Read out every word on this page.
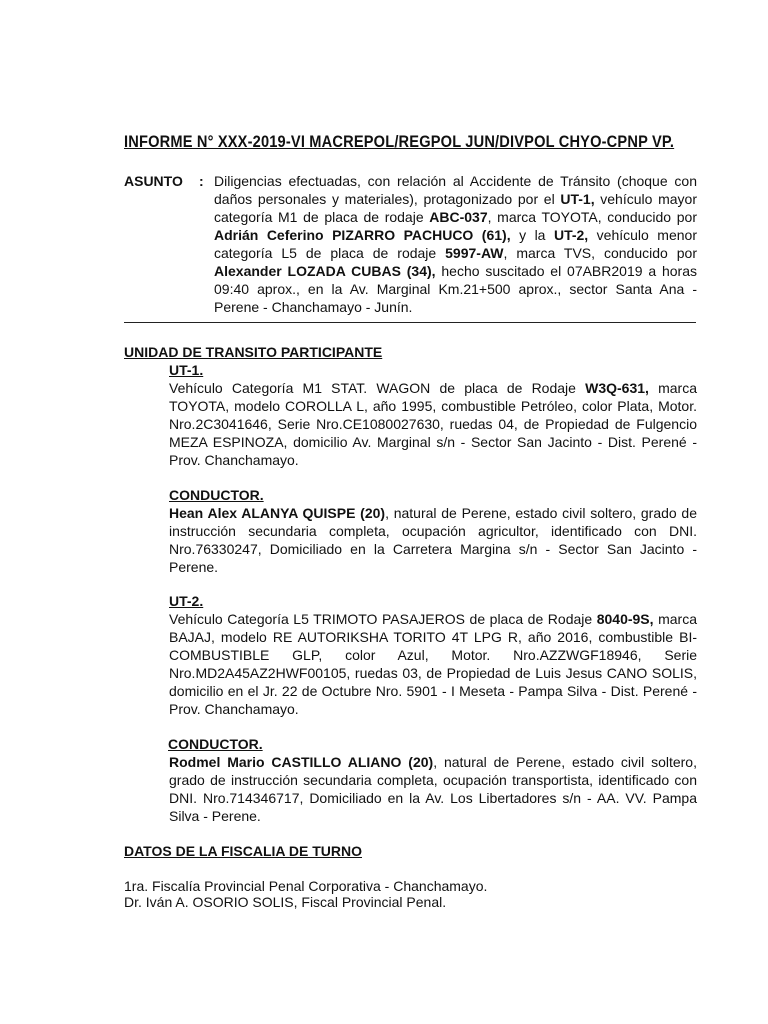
INFORME N° XXX-2019-VI MACREPOL/REGPOL JUN/DIVPOL CHYO-CPNP VP.
ASUNTO : Diligencias efectuadas, con relación al Accidente de Tránsito (choque con daños personales y materiales), protagonizado por el UT-1, vehículo mayor categoría M1 de placa de rodaje ABC-037, marca TOYOTA, conducido por Adrián Ceferino PIZARRO PACHUCO (61), y la UT-2, vehículo menor categoría L5 de placa de rodaje 5997-AW, marca TVS, conducido por Alexander LOZADA CUBAS (34), hecho suscitado el 07ABR2019 a horas 09:40 aprox., en la Av. Marginal Km.21+500 aprox., sector Santa Ana - Perene - Chanchamayo - Junín.
UNIDAD DE TRANSITO PARTICIPANTE
UT-1.
Vehículo Categoría M1 STAT. WAGON de placa de Rodaje W3Q-631, marca TOYOTA, modelo COROLLA L, año 1995, combustible Petróleo, color Plata, Motor. Nro.2C3041646, Serie Nro.CE1080027630, ruedas 04, de Propiedad de Fulgencio MEZA ESPINOZA, domicilio Av. Marginal s/n - Sector San Jacinto - Dist. Perené - Prov. Chanchamayo.
CONDUCTOR.
Hean Alex ALANYA QUISPE (20), natural de Perene, estado civil soltero, grado de instrucción secundaria completa, ocupación agricultor, identificado con DNI. Nro.76330247, Domiciliado en la Carretera Margina s/n - Sector San Jacinto - Perene.
UT-2.
Vehículo Categoría L5 TRIMOTO PASAJEROS de placa de Rodaje 8040-9S, marca BAJAJ, modelo RE AUTORIKSHA TORITO 4T LPG R, año 2016, combustible BI-COMBUSTIBLE GLP, color Azul, Motor. Nro.AZZWGF18946, Serie Nro.MD2A45AZ2HWF00105, ruedas 03, de Propiedad de Luis Jesus CANO SOLIS, domicilio en el Jr. 22 de Octubre Nro. 5901 - I Meseta - Pampa Silva - Dist. Perené - Prov. Chanchamayo.
CONDUCTOR.
Rodmel Mario CASTILLO ALIANO (20), natural de Perene, estado civil soltero, grado de instrucción secundaria completa, ocupación transportista, identificado con DNI. Nro.714346717, Domiciliado en la Av. Los Libertadores s/n - AA. VV. Pampa Silva - Perene.
DATOS DE LA FISCALIA DE TURNO
1ra. Fiscalía Provincial Penal Corporativa - Chanchamayo.
Dr. Iván A. OSORIO SOLIS, Fiscal Provincial Penal.
